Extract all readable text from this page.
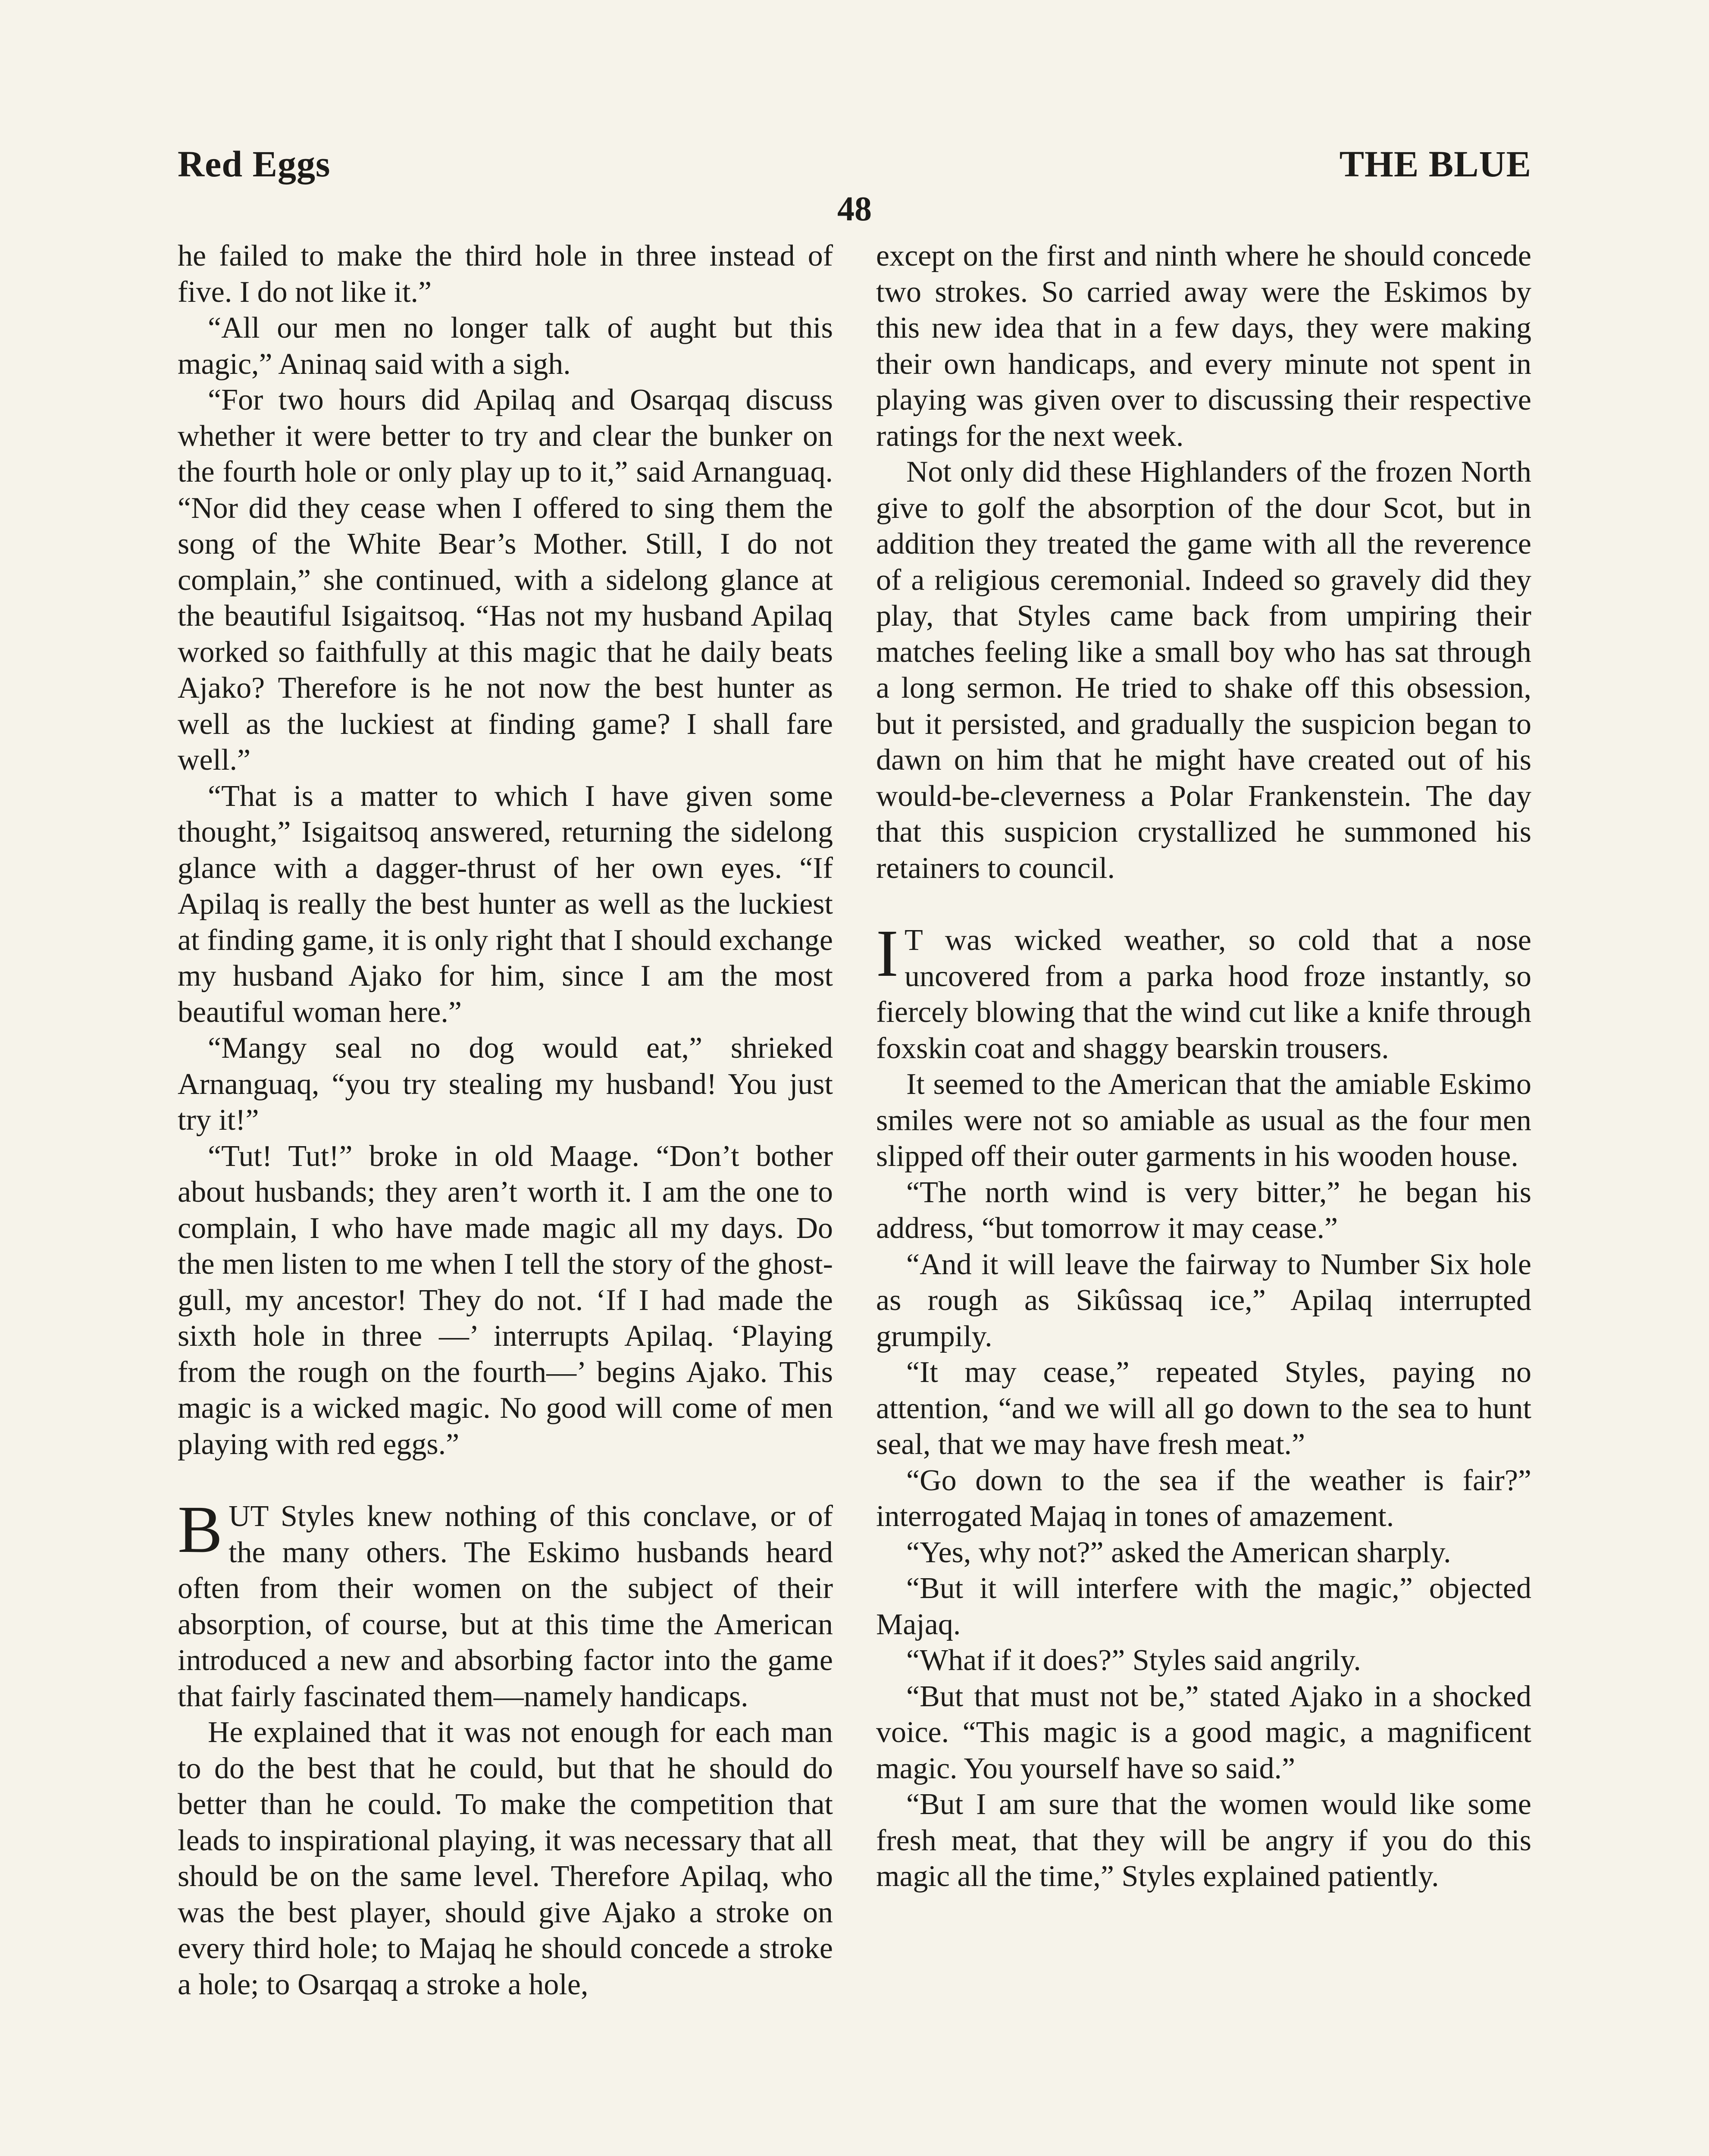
Red Eggs	THE BLUE
48

he failed to make the third hole in three instead of five. I do not like it.”

“All our men no longer talk of aught but this magic,” Aninaq said with a sigh.

“For two hours did Apilaq and Osarqaq discuss whether it were better to try and clear the bunker on the fourth hole or only play up to it,” said Arnanguaq. “Nor did they cease when I offered to sing them the song of the White Bear’s Mother. Still, I do not complain,” she continued, with a sidelong glance at the beautiful Isigaitsoq. “Has not my husband Apilaq worked so faithfully at this magic that he daily beats Ajako? Therefore is he not now the best hunter as well as the luckiest at finding game? I shall fare well.”

“That is a matter to which I have given some thought,” Isigaitsoq answered, returning the sidelong glance with a dagger-thrust of her own eyes. “If Apilaq is really the best hunter as well as the luckiest at finding game, it is only right that I should exchange my husband Ajako for him, since I am the most beautiful woman here.”

“Mangy seal no dog would eat,” shrieked Arnanguaq, “you try stealing my husband! You just try it!”

“Tut! Tut!” broke in old Maage. “Don’t bother about husbands; they aren’t worth it. I am the one to complain, I who have made magic all my days. Do the men listen to me when I tell the story of the ghost-gull, my ancestor! They do not. ‘If I had made the sixth hole in three —’ interrupts Apilaq. ‘Playing from the rough on the fourth—’ begins Ajako. This magic is a wicked magic. No good will come of men playing with red eggs.”

BUT Styles knew nothing of this conclave, or of the many others. The Eskimo husbands heard often from their women on the subject of their absorption, of course, but at this time the American introduced a new and absorbing factor into the game that fairly fascinated them—namely handicaps.

He explained that it was not enough for each man to do the best that he could, but that he should do better than he could. To make the competition that leads to inspirational playing, it was necessary that all should be on the same level. Therefore Apilaq, who was the best player, should give Ajako a stroke on every third hole; to Majaq he should concede a stroke a hole; to Osarqaq a stroke a hole,

except on the first and ninth where he should concede two strokes. So carried away were the Eskimos by this new idea that in a few days, they were making their own handicaps, and every minute not spent in playing was given over to discussing their respective ratings for the next week.

Not only did these Highlanders of the frozen North give to golf the absorption of the dour Scot, but in addition they treated the game with all the reverence of a religious ceremonial. Indeed so gravely did they play, that Styles came back from umpiring their matches feeling like a small boy who has sat through a long sermon. He tried to shake off this obsession, but it persisted, and gradually the suspicion began to dawn on him that he might have created out of his would-be-cleverness a Polar Frankenstein. The day that this suspicion crystallized he summoned his retainers to council.

I T was wicked weather, so cold that a nose uncovered from a parka hood froze instantly, so fiercely blowing that the wind cut like a knife through foxskin coat and shaggy bearskin trousers.

It seemed to the American that the amiable Eskimo smiles were not so amiable as usual as the four men slipped off their outer garments in his wooden house.

“The north wind is very bitter,” he began his address, “but tomorrow it may cease.”

“And it will leave the fairway to Number Six hole as rough as Sikûssaq ice,” Apilaq interrupted grumpily.

“It may cease,” repeated Styles, paying no attention, “and we will all go down to the sea to hunt seal, that we may have fresh meat.”

“Go down to the sea if the weather is fair?” interrogated Majaq in tones of amazement.

“Yes, why not?” asked the American sharply.

“But it will interfere with the magic,” objected Majaq.

“What if it does?” Styles said angrily.

“But that must not be,” stated Ajako in a shocked voice. “This magic is a good magic, a magnificent magic. You yourself have so said.”

“But I am sure that the women would like some fresh meat, that they will be angry if you do this magic all the time,” Styles explained patiently.
